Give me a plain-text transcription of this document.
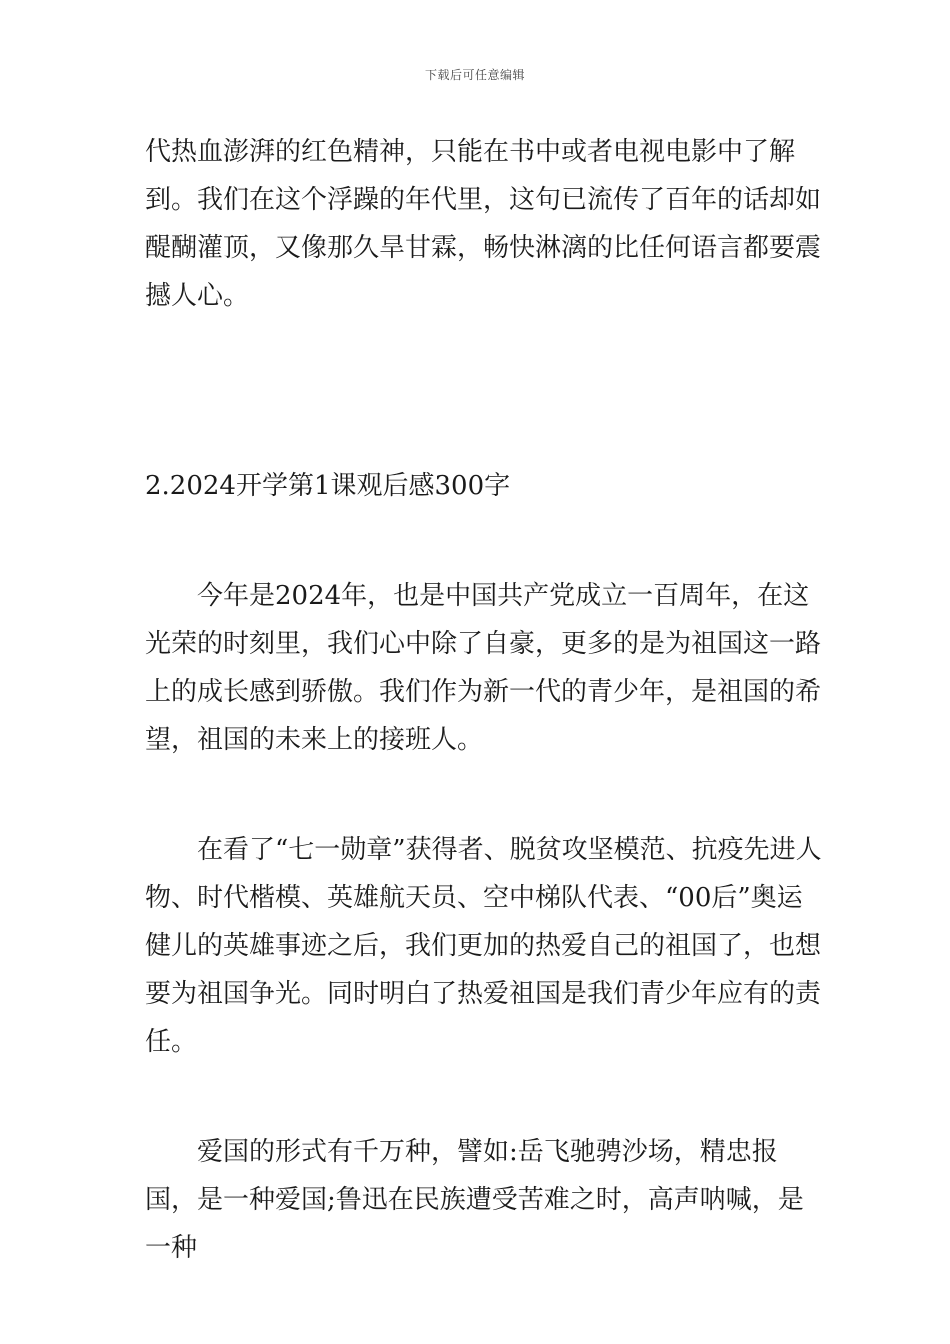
下载后可任意编辑

代热血澎湃的红色精神，只能在书中或者电视电影中了解到。我们在这个浮躁的年代里，这句已流传了百年的话却如醍醐灌顶，又像那久旱甘霖，畅快淋漓的比任何语言都要震撼人心。

2.2024开学第1课观后感300字

今年是2024年，也是中国共产党成立一百周年，在这光荣的时刻里，我们心中除了自豪，更多的是为祖国这一路上的成长感到骄傲。我们作为新一代的青少年，是祖国的希望，祖国的未来上的接班人。

在看了“七一勋章”获得者、脱贫攻坚模范、抗疫先进人物、时代楷模、英雄航天员、空中梯队代表、“00后”奥运健儿的英雄事迹之后，我们更加的热爱自己的祖国了，也想要为祖国争光。同时明白了热爱祖国是我们青少年应有的责任。

爱国的形式有千万种，譬如:岳飞驰骋沙场，精忠报国，是一种爱国;鲁迅在民族遭受苦难之时，高声呐喊，是一种
